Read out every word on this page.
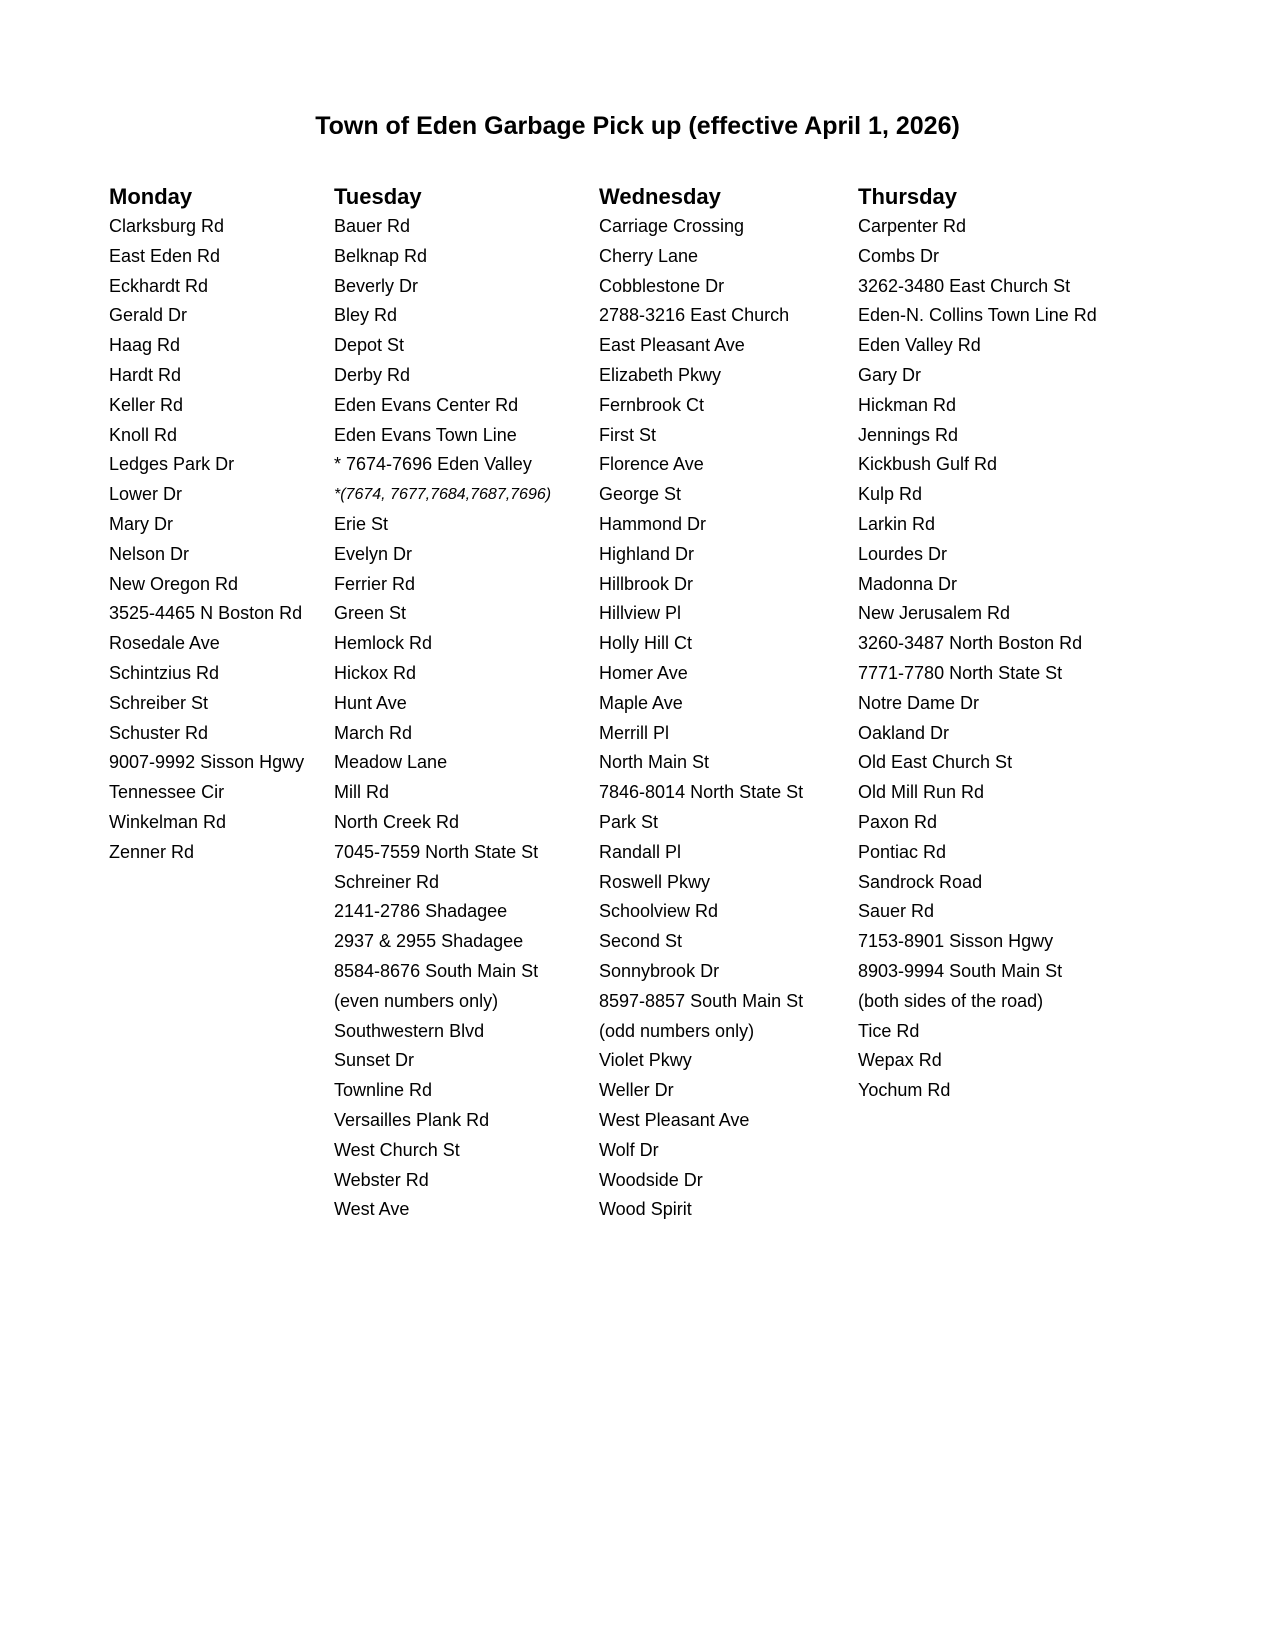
Town of Eden Garbage Pick up (effective April 1, 2026)
Monday
Clarksburg Rd
East Eden Rd
Eckhardt Rd
Gerald Dr
Haag Rd
Hardt Rd
Keller Rd
Knoll Rd
Ledges Park Dr
Lower Dr
Mary Dr
Nelson Dr
New Oregon Rd
3525-4465 N Boston Rd
Rosedale Ave
Schintzius Rd
Schreiber St
Schuster Rd
9007-9992 Sisson Hgwy
Tennessee Cir
Winkelman Rd
Zenner Rd
Tuesday
Bauer Rd
Belknap Rd
Beverly Dr
Bley Rd
Depot St
Derby Rd
Eden Evans Center Rd
Eden Evans Town Line
* 7674-7696 Eden Valley
*(7674, 7677,7684,7687,7696)
Erie St
Evelyn Dr
Ferrier Rd
Green St
Hemlock Rd
Hickox Rd
Hunt Ave
March Rd
Meadow Lane
Mill Rd
North Creek Rd
7045-7559 North State St
Schreiner Rd
2141-2786 Shadagee
2937 & 2955 Shadagee
8584-8676 South Main St
(even numbers only)
Southwestern Blvd
Sunset Dr
Townline Rd
Versailles Plank Rd
West Church St
Webster Rd
West Ave
Wednesday
Carriage Crossing
Cherry Lane
Cobblestone Dr
2788-3216 East Church
East Pleasant Ave
Elizabeth Pkwy
Fernbrook Ct
First St
Florence Ave
George St
Hammond Dr
Highland Dr
Hillbrook Dr
Hillview Pl
Holly Hill Ct
Homer Ave
Maple Ave
Merrill Pl
North Main St
7846-8014 North State St
Park St
Randall Pl
Roswell Pkwy
Schoolview Rd
Second St
Sonnybrook Dr
8597-8857 South Main St
(odd numbers only)
Violet Pkwy
Weller Dr
West Pleasant Ave
Wolf Dr
Woodside Dr
Wood Spirit
Thursday
Carpenter Rd
Combs Dr
3262-3480 East Church St
Eden-N. Collins Town Line Rd
Eden Valley Rd
Gary Dr
Hickman Rd
Jennings Rd
Kickbush Gulf Rd
Kulp Rd
Larkin Rd
Lourdes Dr
Madonna Dr
New Jerusalem Rd
3260-3487 North Boston Rd
7771-7780 North State St
Notre Dame Dr
Oakland Dr
Old East Church St
Old Mill Run Rd
Paxon Rd
Pontiac Rd
Sandrock Road
Sauer Rd
7153-8901 Sisson Hgwy
8903-9994 South Main St
(both sides of the road)
Tice Rd
Wepax Rd
Yochum Rd
